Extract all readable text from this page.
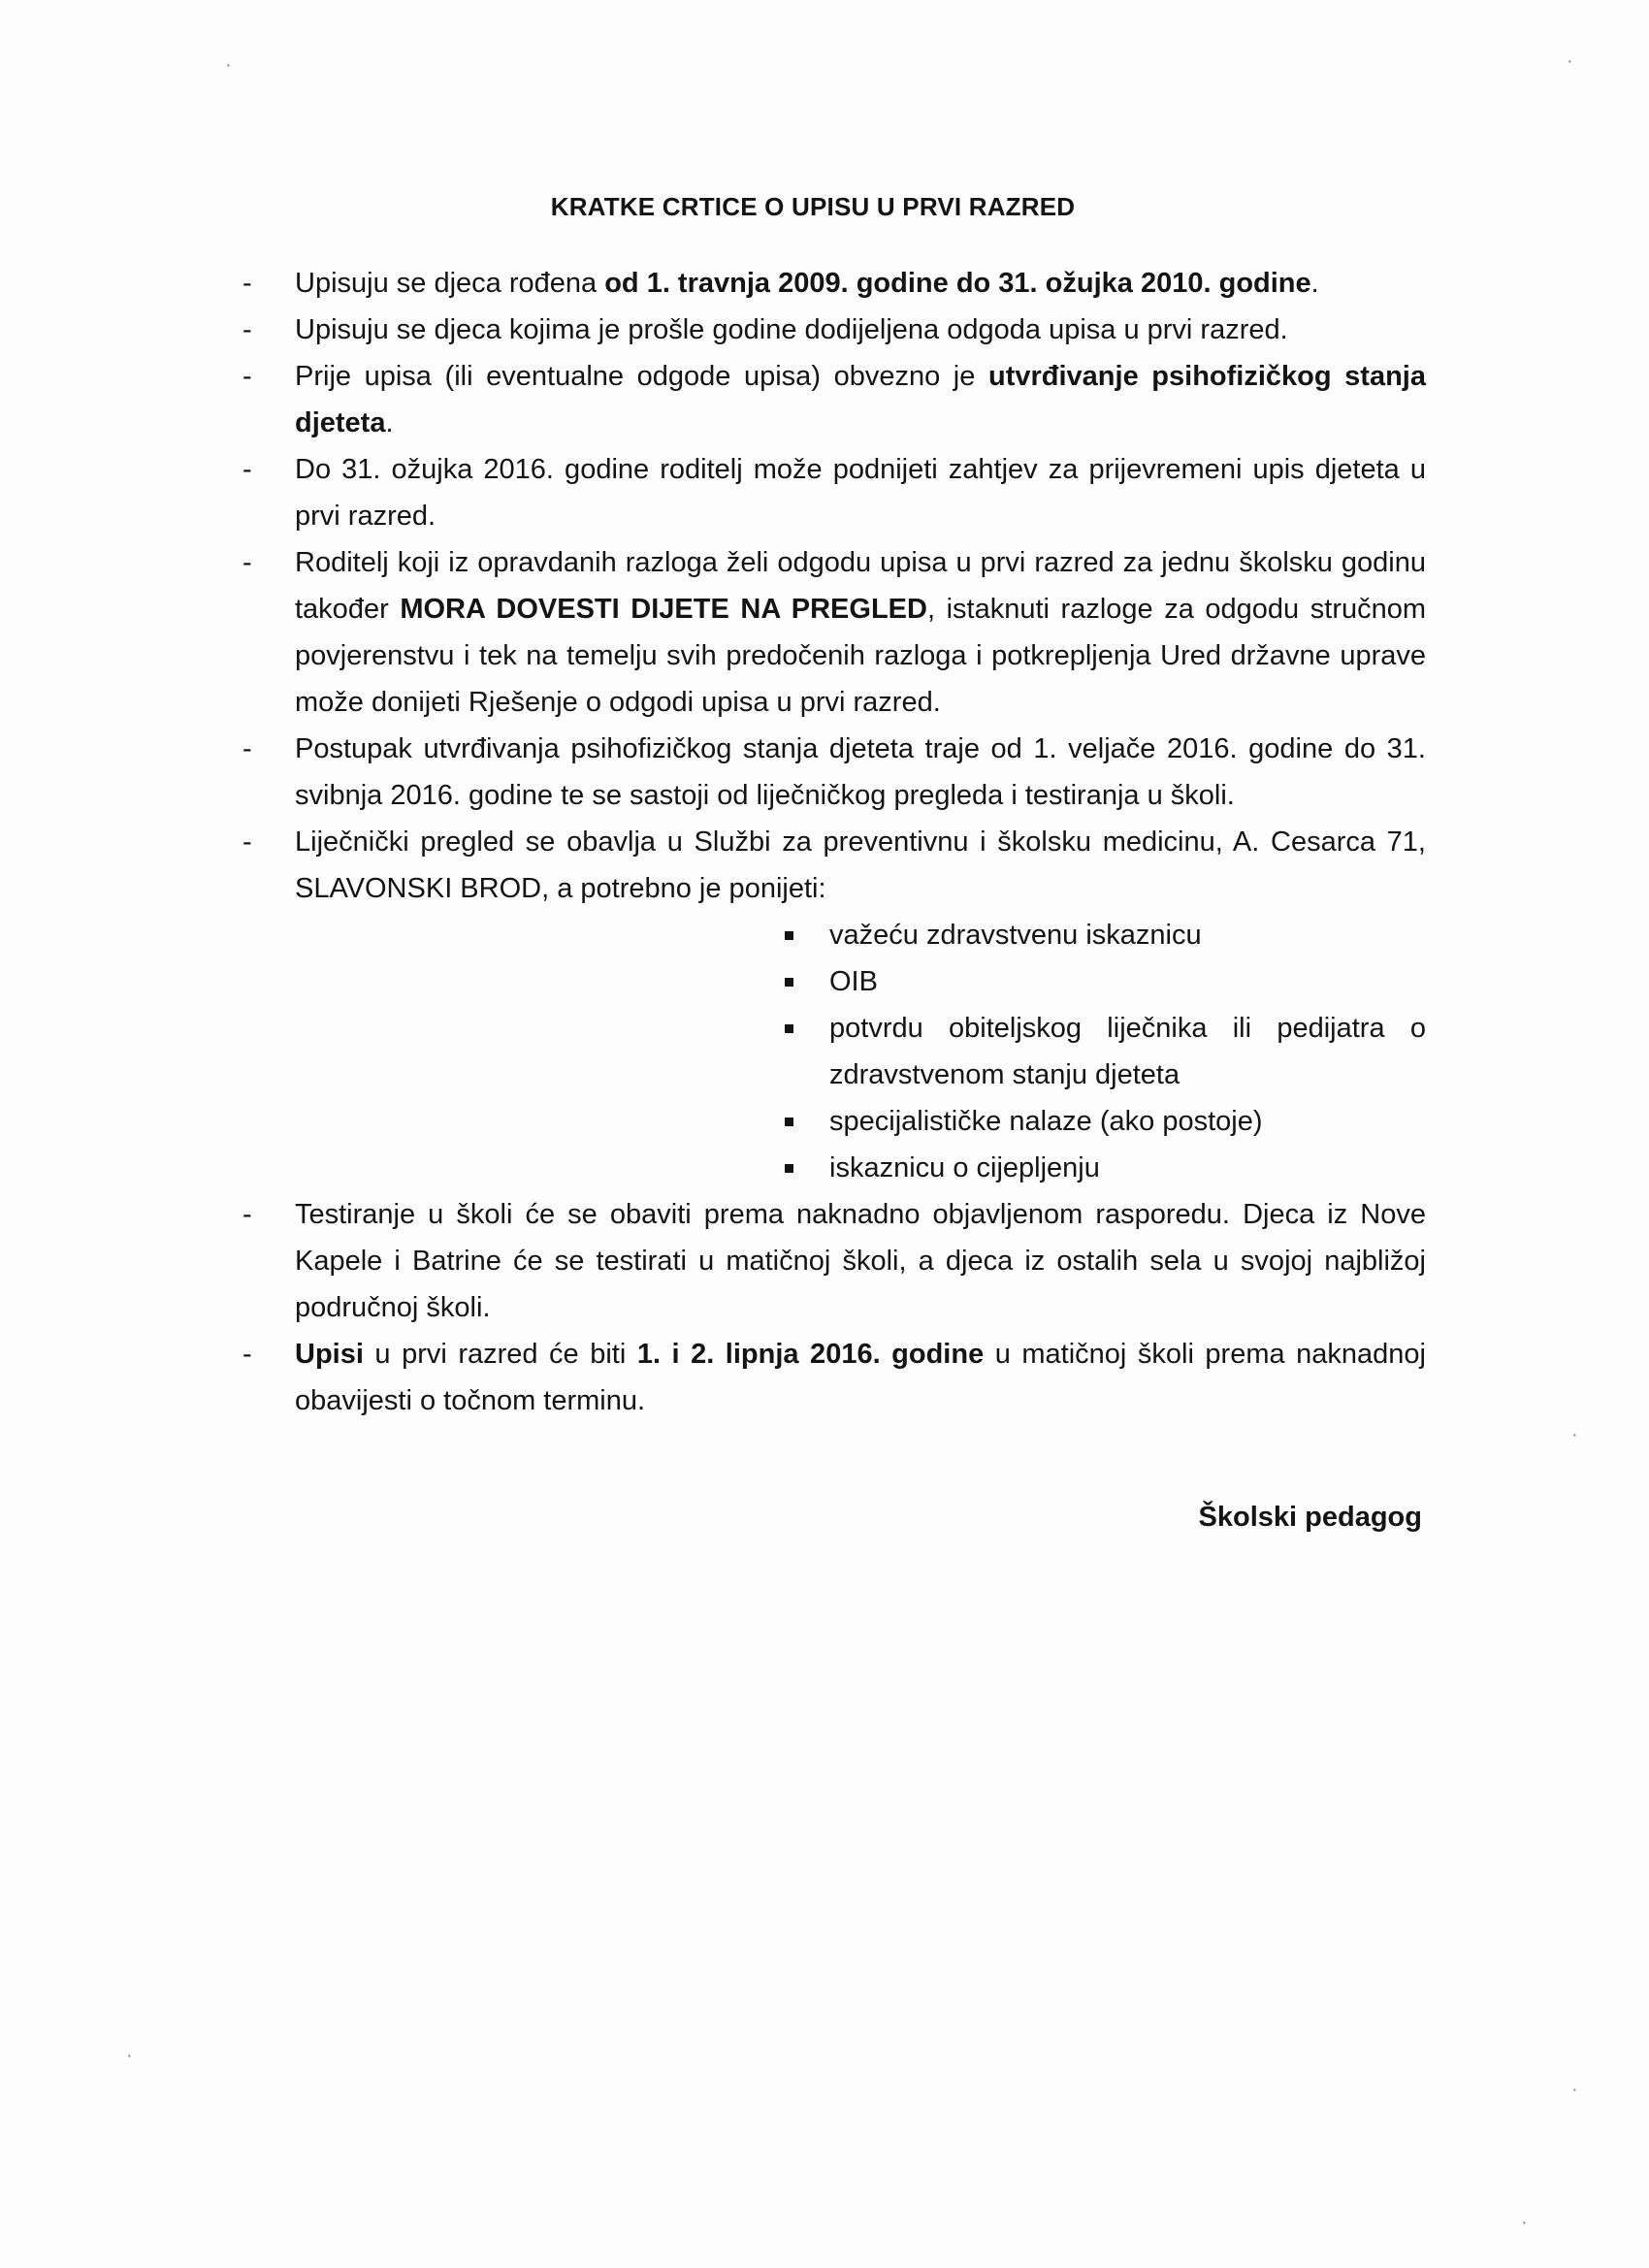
KRATKE CRTICE O UPISU U PRVI RAZRED
-	Upisuju se djeca rođena od 1. travnja 2009. godine do 31. ožujka 2010. godine.
-	Upisuju se djeca kojima je prošle godine dodijeljena odgoda upisa u prvi razred.
-	Prije upisa (ili eventualne odgode upisa) obvezno je utvrđivanje psihofizičkog stanja djeteta.
-	Do 31. ožujka 2016. godine roditelj može podnijeti zahtjev za prijevremeni upis djeteta u prvi razred.
-	Roditelj koji iz opravdanih razloga želi odgodu upisa u prvi razred za jednu školsku godinu također MORA DOVESTI DIJETE NA PREGLED, istaknuti razloge za odgodu stručnom povjerenstvu i tek na temelju svih predočenih razloga i potkrepljenja Ured državne uprave može donijeti Rješenje o odgodi upisa u prvi razred.
-	Postupak utvrđivanja psihofizičkog stanja djeteta traje od 1. veljače 2016. godine do 31. svibnja 2016. godine te se sastoji od liječničkog pregleda i testiranja u školi.
-	Liječnički pregled se obavlja u Službi za preventivnu i školsku medicinu, A. Cesarca 71, SLAVONSKI BROD, a potrebno je ponijeti:
važeću zdravstvenu iskaznicu
OIB
potvrdu obiteljskog liječnika ili pedijatra o zdravstvenom stanju djeteta
specijalističke nalaze (ako postoje)
iskaznicu o cijepljenju
-	Testiranje u školi će se obaviti prema naknadno objavljenom rasporedu. Djeca iz Nove Kapele i Batrine će se testirati u matičnoj školi, a djeca iz ostalih sela u svojoj najbližoj područnoj školi.
-	Upisi u prvi razred će biti 1. i 2. lipnja 2016. godine u matičnoj školi prema naknadnoj obavijesti o točnom terminu.
Školski pedagog
·
·
·
·
·
·
